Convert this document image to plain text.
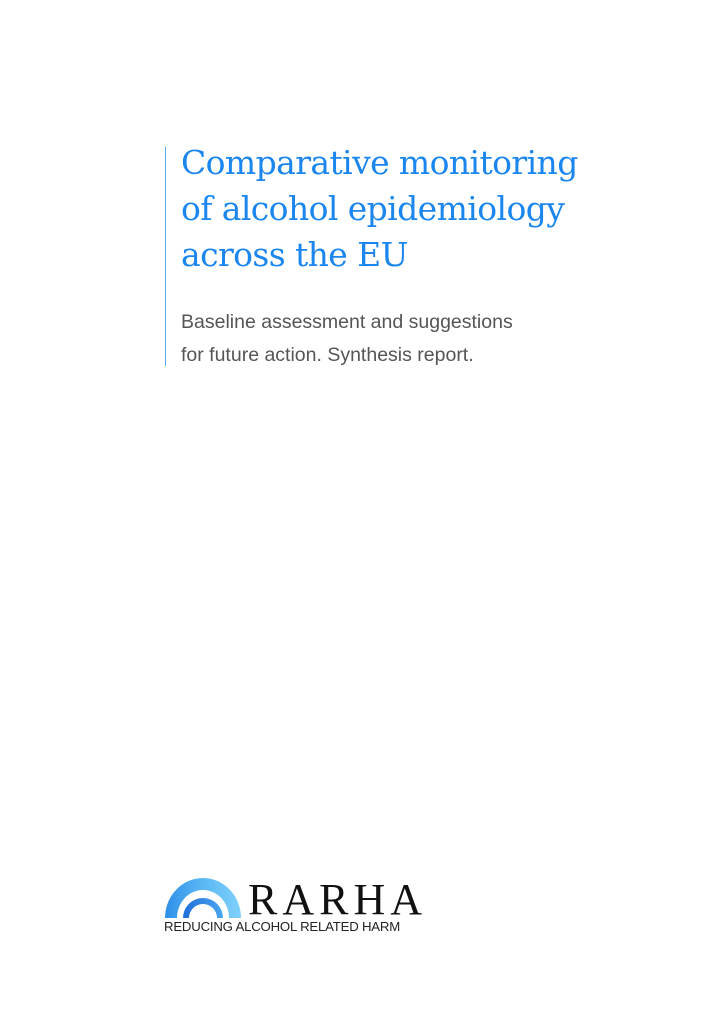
Comparative monitoring
of alcohol epidemiology
across the EU

Baseline assessment and suggestions
for future action. Synthesis report.

RARHA
REDUCING ALCOHOL RELATED HARM
